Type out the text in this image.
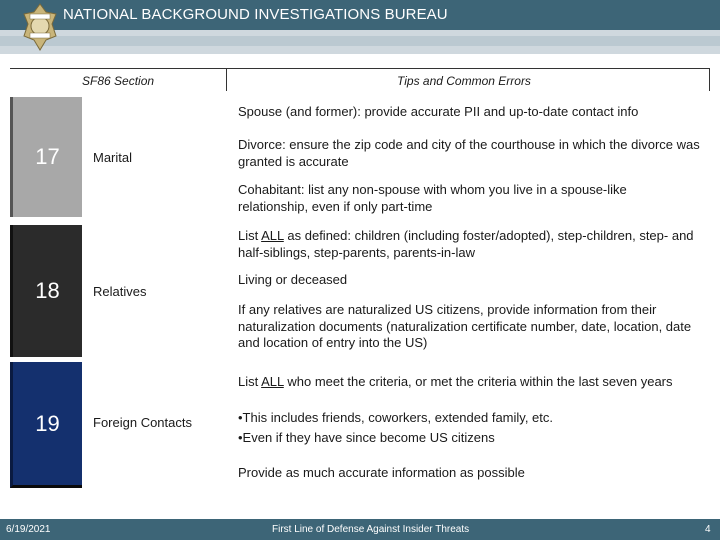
NATIONAL BACKGROUND INVESTIGATIONS BUREAU
SF86 Section	Tips and Common Errors
17	Marital
Spouse (and former): provide accurate PII and up-to-date contact info
Divorce: ensure the zip code and city of the courthouse in which the divorce was granted is accurate
Cohabitant: list any non-spouse with whom you live in a spouse-like relationship, even if only part-time
18	Relatives
List ALL as defined: children (including foster/adopted), step-children, step- and half-siblings, step-parents, parents-in-law
Living or deceased
If any relatives are naturalized US citizens, provide information from their naturalization documents (naturalization certificate number, date, location, date and location of entry into the US)
19	Foreign Contacts
List ALL who meet the criteria, or met the criteria within the last seven years
•This includes friends, coworkers, extended family, etc.
•Even if they have since become US citizens
Provide as much accurate information as possible
6/19/2021	First Line of Defense Against Insider Threats	4
